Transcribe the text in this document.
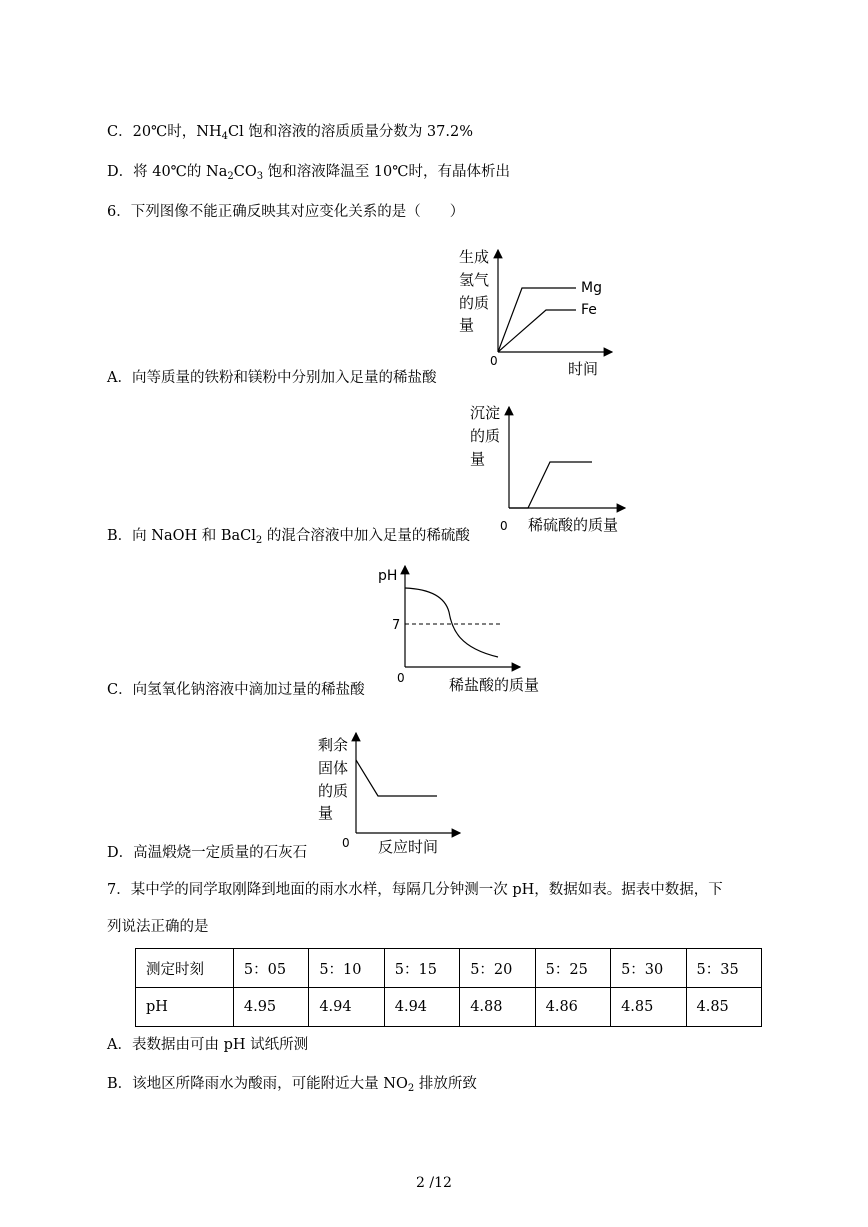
C．20℃时，$NH_4Cl$ 饱和溶液的溶质质量分数为 37.2%
D．将 40℃的 $Na_2CO_3$ 饱和溶液降温至 10℃时，有晶体析出
6．下列图像不能正确反映其对应变化关系的是（　　）
生成
氢气
的质
量
Mg
Fe
0	时间
A．向等质量的铁粉和镁粉中分别加入足量的稀盐酸
沉淀
的质
量
0 稀硫酸的质量
B．向 NaOH 和 BaCl$_2$ 的混合溶液中加入足量的稀硫酸
pH
7
0	稀盐酸的质量
C．向氢氧化钠溶液中滴加过量的稀盐酸
剩余
固体
的质
量
0 反应时间
D．高温煅烧一定质量的石灰石
7．某中学的同学取刚降到地面的雨水水样，每隔几分钟测一次 pH，数据如表。据表中数据，下
列说法正确的是
测定时刻	5：05	5：10	5：15	5：20	5：25	5：30	5：35
pH	4.95	4.94	4.94	4.88	4.86	4.85	4.85
A．表数据由可由 pH 试纸所测
B．该地区所降雨水为酸雨，可能附近大量 $NO_2$ 排放所致
2 /12
